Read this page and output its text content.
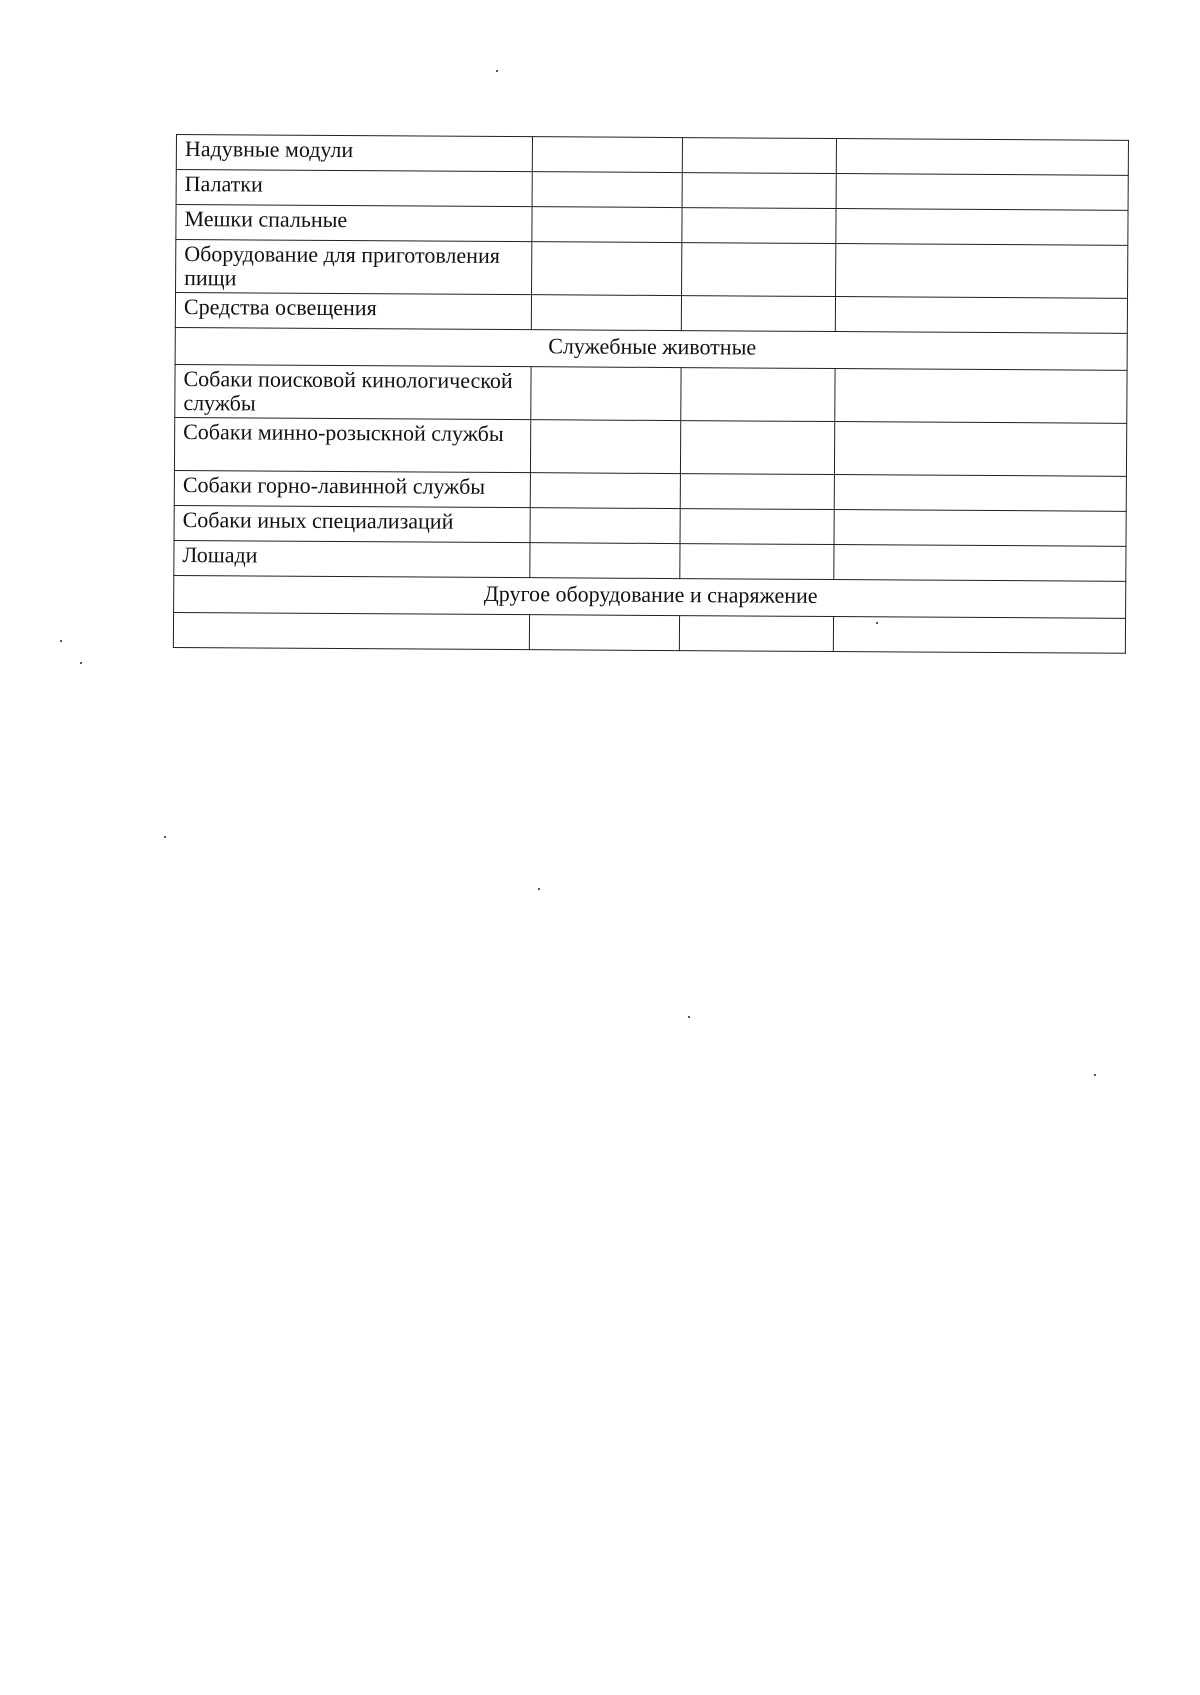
Надувные модули			
Палатки			
Мешки спальные			
Оборудование для приготовления пищи			
Средства освещения			
Служебные животные			
Собаки поисковой кинологической службы			
Собаки минно-розыскной службы			
Собаки горно-лавинной службы			
Собаки иных специализаций			
Лошади			
Другое оборудование и снаряжение			
